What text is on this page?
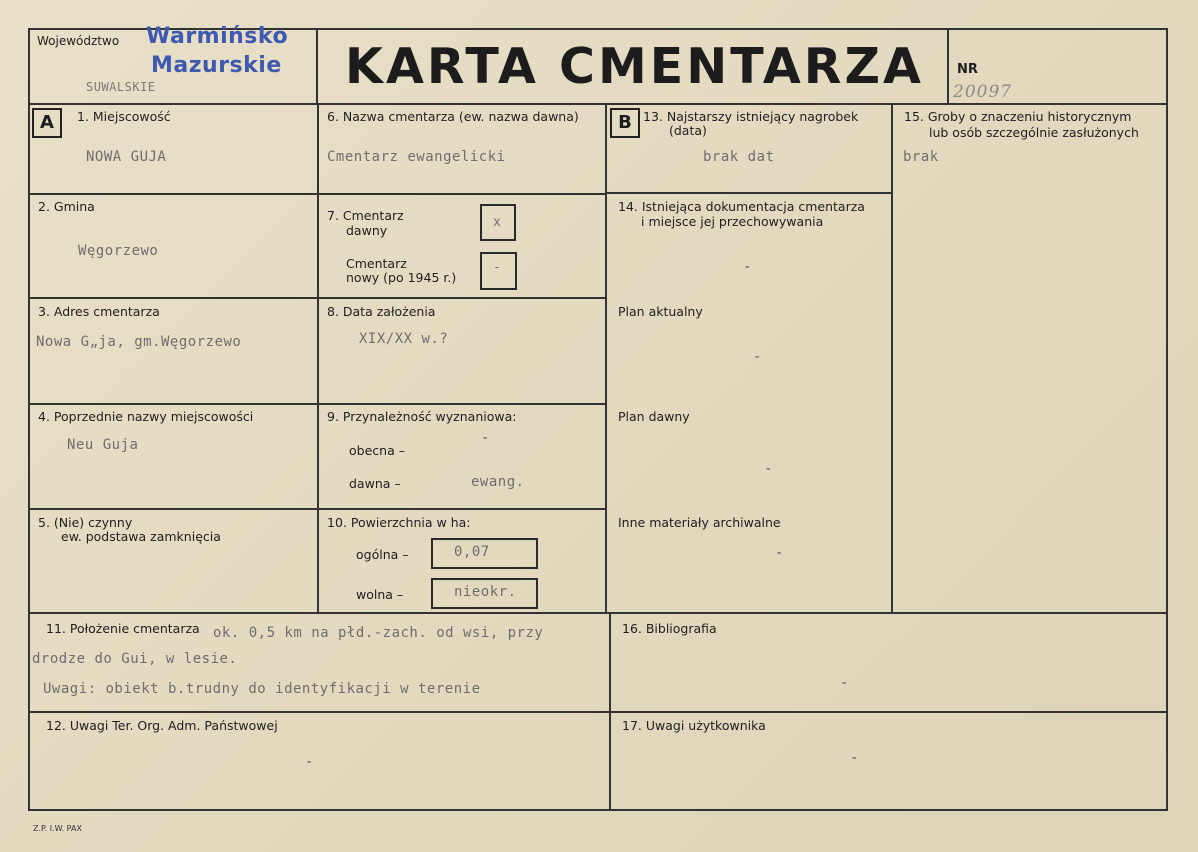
Województwo Warmińsko
Mazurskie
SUWALSKIE	KARTA CMENTARZA	NR
20097
A	B
1. Miejscowość
NOWA GUJA
2. Gmina
Węgorzewo
3. Adres cmentarza
Nowa G„ja, gm.Węgorzewo
4. Poprzednie nazwy miejscowości
Neu Guja
5. (Nie) czynny
ew. podstawa zamknięcia
6. Nazwa cmentarza (ew. nazwa dawna)
Cmentarz ewangelicki
7. Cmentarz
dawny
x
Cmentarz
nowy (po 1945 r.)
-
8. Data założenia
XIX/XX w.?
9. Przynależność wyznaniowa:
obecna –
-
dawna –	ewang.
10. Powierzchnia w ha:
ogólna –	0,07
wolna –	nieokr.
13. Najstarszy istniejący nagrobek
(data)
brak dat
14. Istniejąca dokumentacja cmentarza
i miejsce jej przechowywania
-
Plan aktualny
-
Plan dawny
-
Inne materiały archiwalne
-
15. Groby o znaczeniu historycznym
lub osób szczególnie zasłużonych
brak
11. Położenie cmentarza ok. 0,5 km na płd.-zach. od wsi, przy
drodze do Gui, w lesie.
Uwagi: obiekt b.trudny do identyfikacji w terenie
16. Bibliografia
-
12. Uwagi Ter. Org. Adm. Państwowej
-
17. Uwagi użytkownika
-
Z.P. I.W. PAX
